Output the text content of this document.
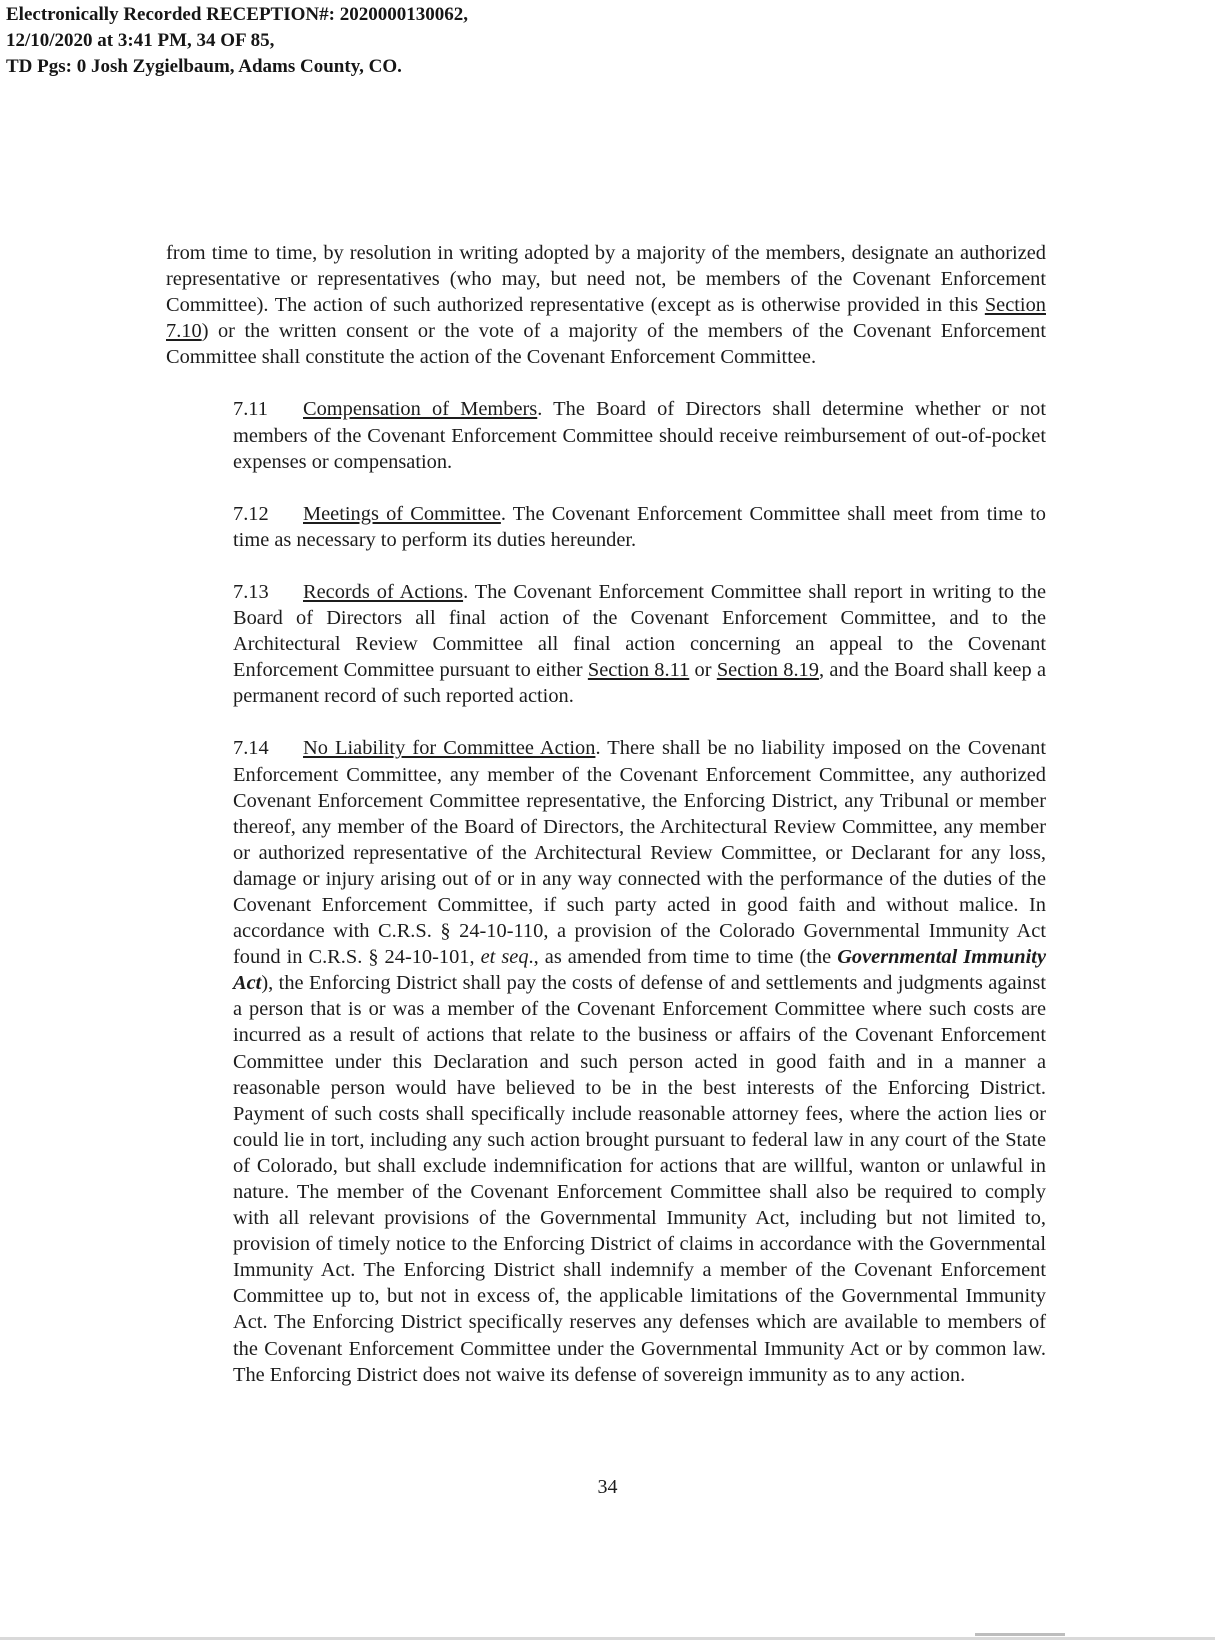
Electronically Recorded RECEPTION#: 2020000130062,
12/10/2020 at 3:41 PM, 34 OF 85,
TD Pgs: 0 Josh Zygielbaum, Adams County, CO.

from time to time, by resolution in writing adopted by a majority of the members, designate an authorized representative or representatives (who may, but need not, be members of the Covenant Enforcement Committee). The action of such authorized representative (except as is otherwise provided in this Section 7.10) or the written consent or the vote of a majority of the members of the Covenant Enforcement Committee shall constitute the action of the Covenant Enforcement Committee.

7.11 Compensation of Members. The Board of Directors shall determine whether or not members of the Covenant Enforcement Committee should receive reimbursement of out-of-pocket expenses or compensation.

7.12 Meetings of Committee. The Covenant Enforcement Committee shall meet from time to time as necessary to perform its duties hereunder.

7.13 Records of Actions. The Covenant Enforcement Committee shall report in writing to the Board of Directors all final action of the Covenant Enforcement Committee, and to the Architectural Review Committee all final action concerning an appeal to the Covenant Enforcement Committee pursuant to either Section 8.11 or Section 8.19, and the Board shall keep a permanent record of such reported action.

7.14 No Liability for Committee Action. There shall be no liability imposed on the Covenant Enforcement Committee, any member of the Covenant Enforcement Committee, any authorized Covenant Enforcement Committee representative, the Enforcing District, any Tribunal or member thereof, any member of the Board of Directors, the Architectural Review Committee, any member or authorized representative of the Architectural Review Committee, or Declarant for any loss, damage or injury arising out of or in any way connected with the performance of the duties of the Covenant Enforcement Committee, if such party acted in good faith and without malice. In accordance with C.R.S. § 24-10-110, a provision of the Colorado Governmental Immunity Act found in C.R.S. § 24-10-101, et seq., as amended from time to time (the Governmental Immunity Act), the Enforcing District shall pay the costs of defense of and settlements and judgments against a person that is or was a member of the Covenant Enforcement Committee where such costs are incurred as a result of actions that relate to the business or affairs of the Covenant Enforcement Committee under this Declaration and such person acted in good faith and in a manner a reasonable person would have believed to be in the best interests of the Enforcing District. Payment of such costs shall specifically include reasonable attorney fees, where the action lies or could lie in tort, including any such action brought pursuant to federal law in any court of the State of Colorado, but shall exclude indemnification for actions that are willful, wanton or unlawful in nature. The member of the Covenant Enforcement Committee shall also be required to comply with all relevant provisions of the Governmental Immunity Act, including but not limited to, provision of timely notice to the Enforcing District of claims in accordance with the Governmental Immunity Act. The Enforcing District shall indemnify a member of the Covenant Enforcement Committee up to, but not in excess of, the applicable limitations of the Governmental Immunity Act. The Enforcing District specifically reserves any defenses which are available to members of the Covenant Enforcement Committee under the Governmental Immunity Act or by common law. The Enforcing District does not waive its defense of sovereign immunity as to any action.

34
